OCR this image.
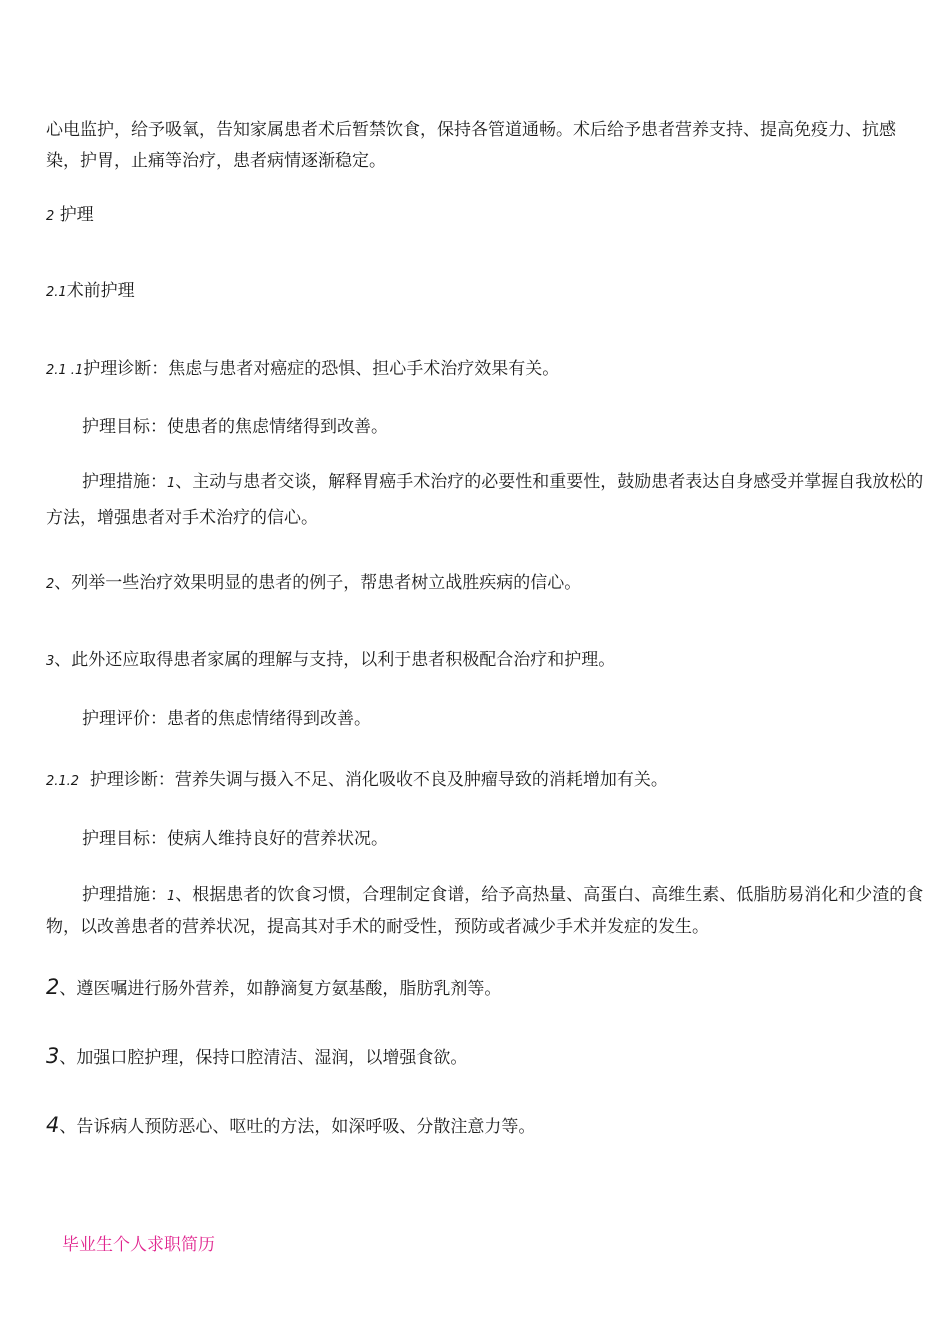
心电监护，给予吸氧，告知家属患者术后暂禁饮食，保持各管道通畅。术后给予患者营养支持、提高免疫力、抗感染，护胃，止痛等治疗，患者病情逐渐稳定。

2 护理

2.1术前护理

2.1 .1护理诊断：焦虑与患者对癌症的恐惧、担心手术治疗效果有关。

护理目标：使患者的焦虑情绪得到改善。

护理措施：1、主动与患者交谈，解释胃癌手术治疗的必要性和重要性，鼓励患者表达自身感受并掌握自我放松的方法，增强患者对手术治疗的信心。

2、列举一些治疗效果明显的患者的例子，帮患者树立战胜疾病的信心。

3、此外还应取得患者家属的理解与支持，以利于患者积极配合治疗和护理。

护理评价：患者的焦虑情绪得到改善。

2.1.2 护理诊断：营养失调与摄入不足、消化吸收不良及肿瘤导致的消耗增加有关。

护理目标：使病人维持良好的营养状况。

护理措施：1、根据患者的饮食习惯，合理制定食谱，给予高热量、高蛋白、高维生素、低脂肪易消化和少渣的食物，以改善患者的营养状况，提高其对手术的耐受性，预防或者减少手术并发症的发生。

2、遵医嘱进行肠外营养，如静滴复方氨基酸，脂肪乳剂等。

3、加强口腔护理，保持口腔清洁、湿润，以增强食欲。

4、告诉病人预防恶心、呕吐的方法，如深呼吸、分散注意力等。

毕业生个人求职简历
